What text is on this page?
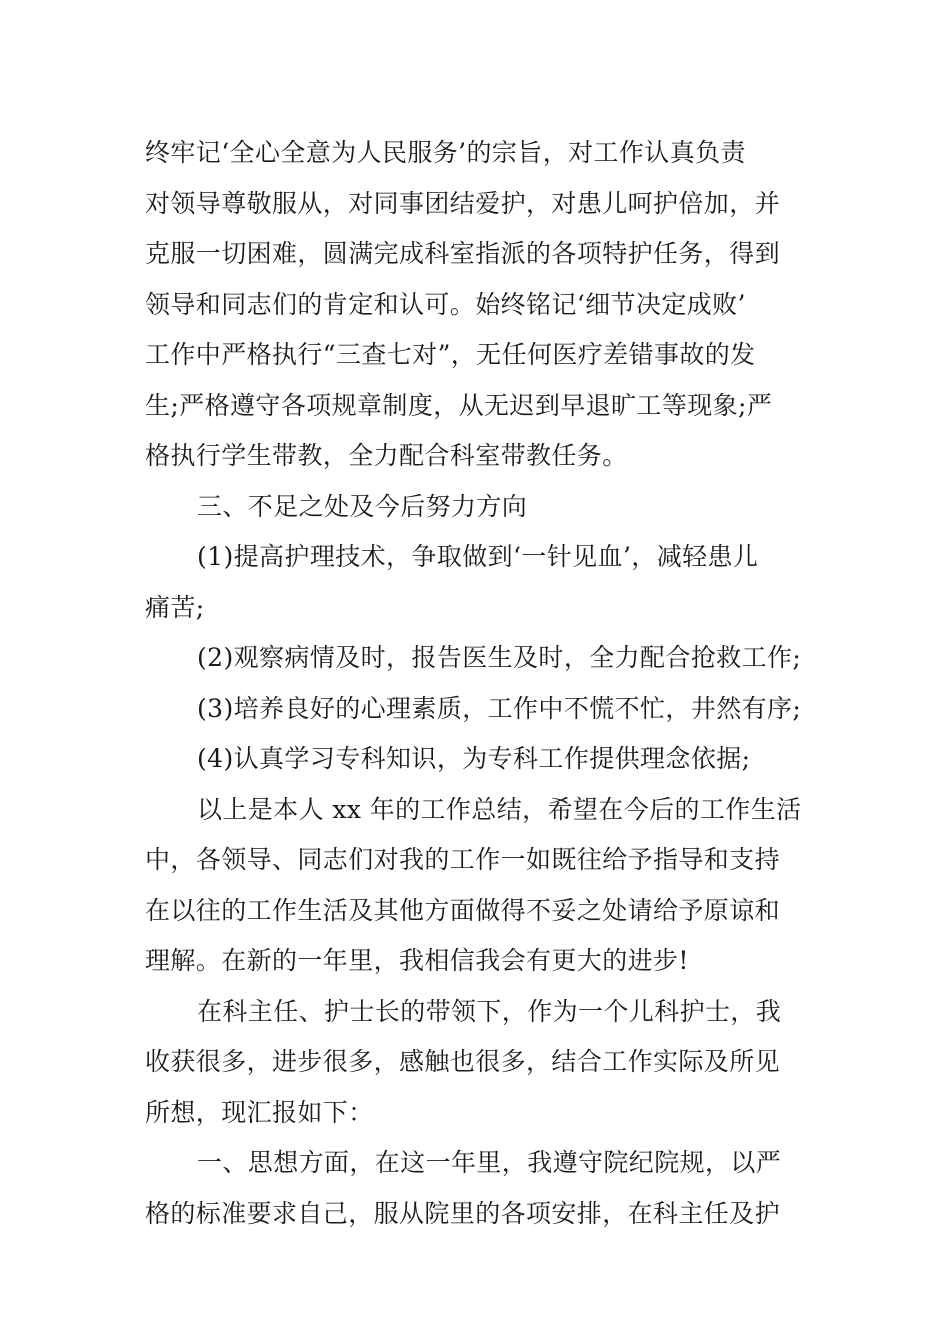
终牢记‘全心全意为人民服务’的宗旨，对工作认真负责
对领导尊敬服从，对同事团结爱护，对患儿呵护倍加，并
克服一切困难，圆满完成科室指派的各项特护任务，得到
领导和同志们的肯定和认可。始终铭记‘细节决定成败’
工作中严格执行“三查七对”，无任何医疗差错事故的发
生;严格遵守各项规章制度，从无迟到早退旷工等现象;严
格执行学生带教，全力配合科室带教任务。
三、不足之处及今后努力方向
(1)提高护理技术，争取做到‘一针见血’，减轻患儿
痛苦;
(2)观察病情及时，报告医生及时，全力配合抢救工作;
(3)培养良好的心理素质，工作中不慌不忙，井然有序;
(4)认真学习专科知识，为专科工作提供理念依据;
以上是本人 xx 年的工作总结，希望在今后的工作生活
中，各领导、同志们对我的工作一如既往给予指导和支持
在以往的工作生活及其他方面做得不妥之处请给予原谅和
理解。在新的一年里，我相信我会有更大的进步!
在科主任、护士长的带领下，作为一个儿科护士，我
收获很多，进步很多，感触也很多，结合工作实际及所见
所想，现汇报如下：
一、思想方面，在这一年里，我遵守院纪院规，以严
格的标准要求自己，服从院里的各项安排，在科主任及护
